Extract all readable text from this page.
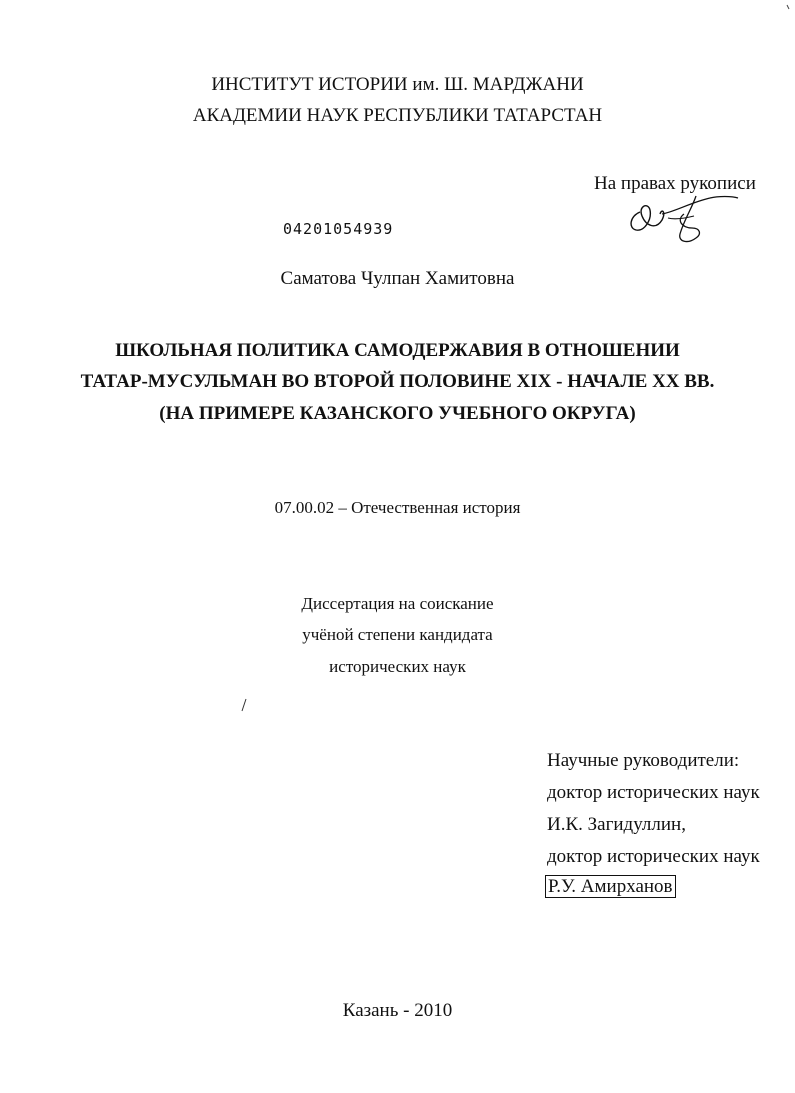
ИНСТИТУТ ИСТОРИИ им. Ш. МАРДЖАНИ
АКАДЕМИИ НАУК РЕСПУБЛИКИ ТАТАРСТАН
На правах рукописи
04201054939
Саматова Чулпан Хамитовна
ШКОЛЬНАЯ ПОЛИТИКА САМОДЕРЖАВИЯ В ОТНОШЕНИИ
ТАТАР-МУСУЛЬМАН ВО ВТОРОЙ ПОЛОВИНЕ XIX - НАЧАЛЕ XX ВВ.
(НА ПРИМЕРЕ КАЗАНСКОГО УЧЕБНОГО ОКРУГА)
07.00.02 – Отечественная история
Диссертация на соискание
учёной степени кандидата
исторических наук
Научные руководители:
доктор исторических наук
И.К. Загидуллин,
доктор исторических наук
Р.У. Амирханов
Казань - 2010
